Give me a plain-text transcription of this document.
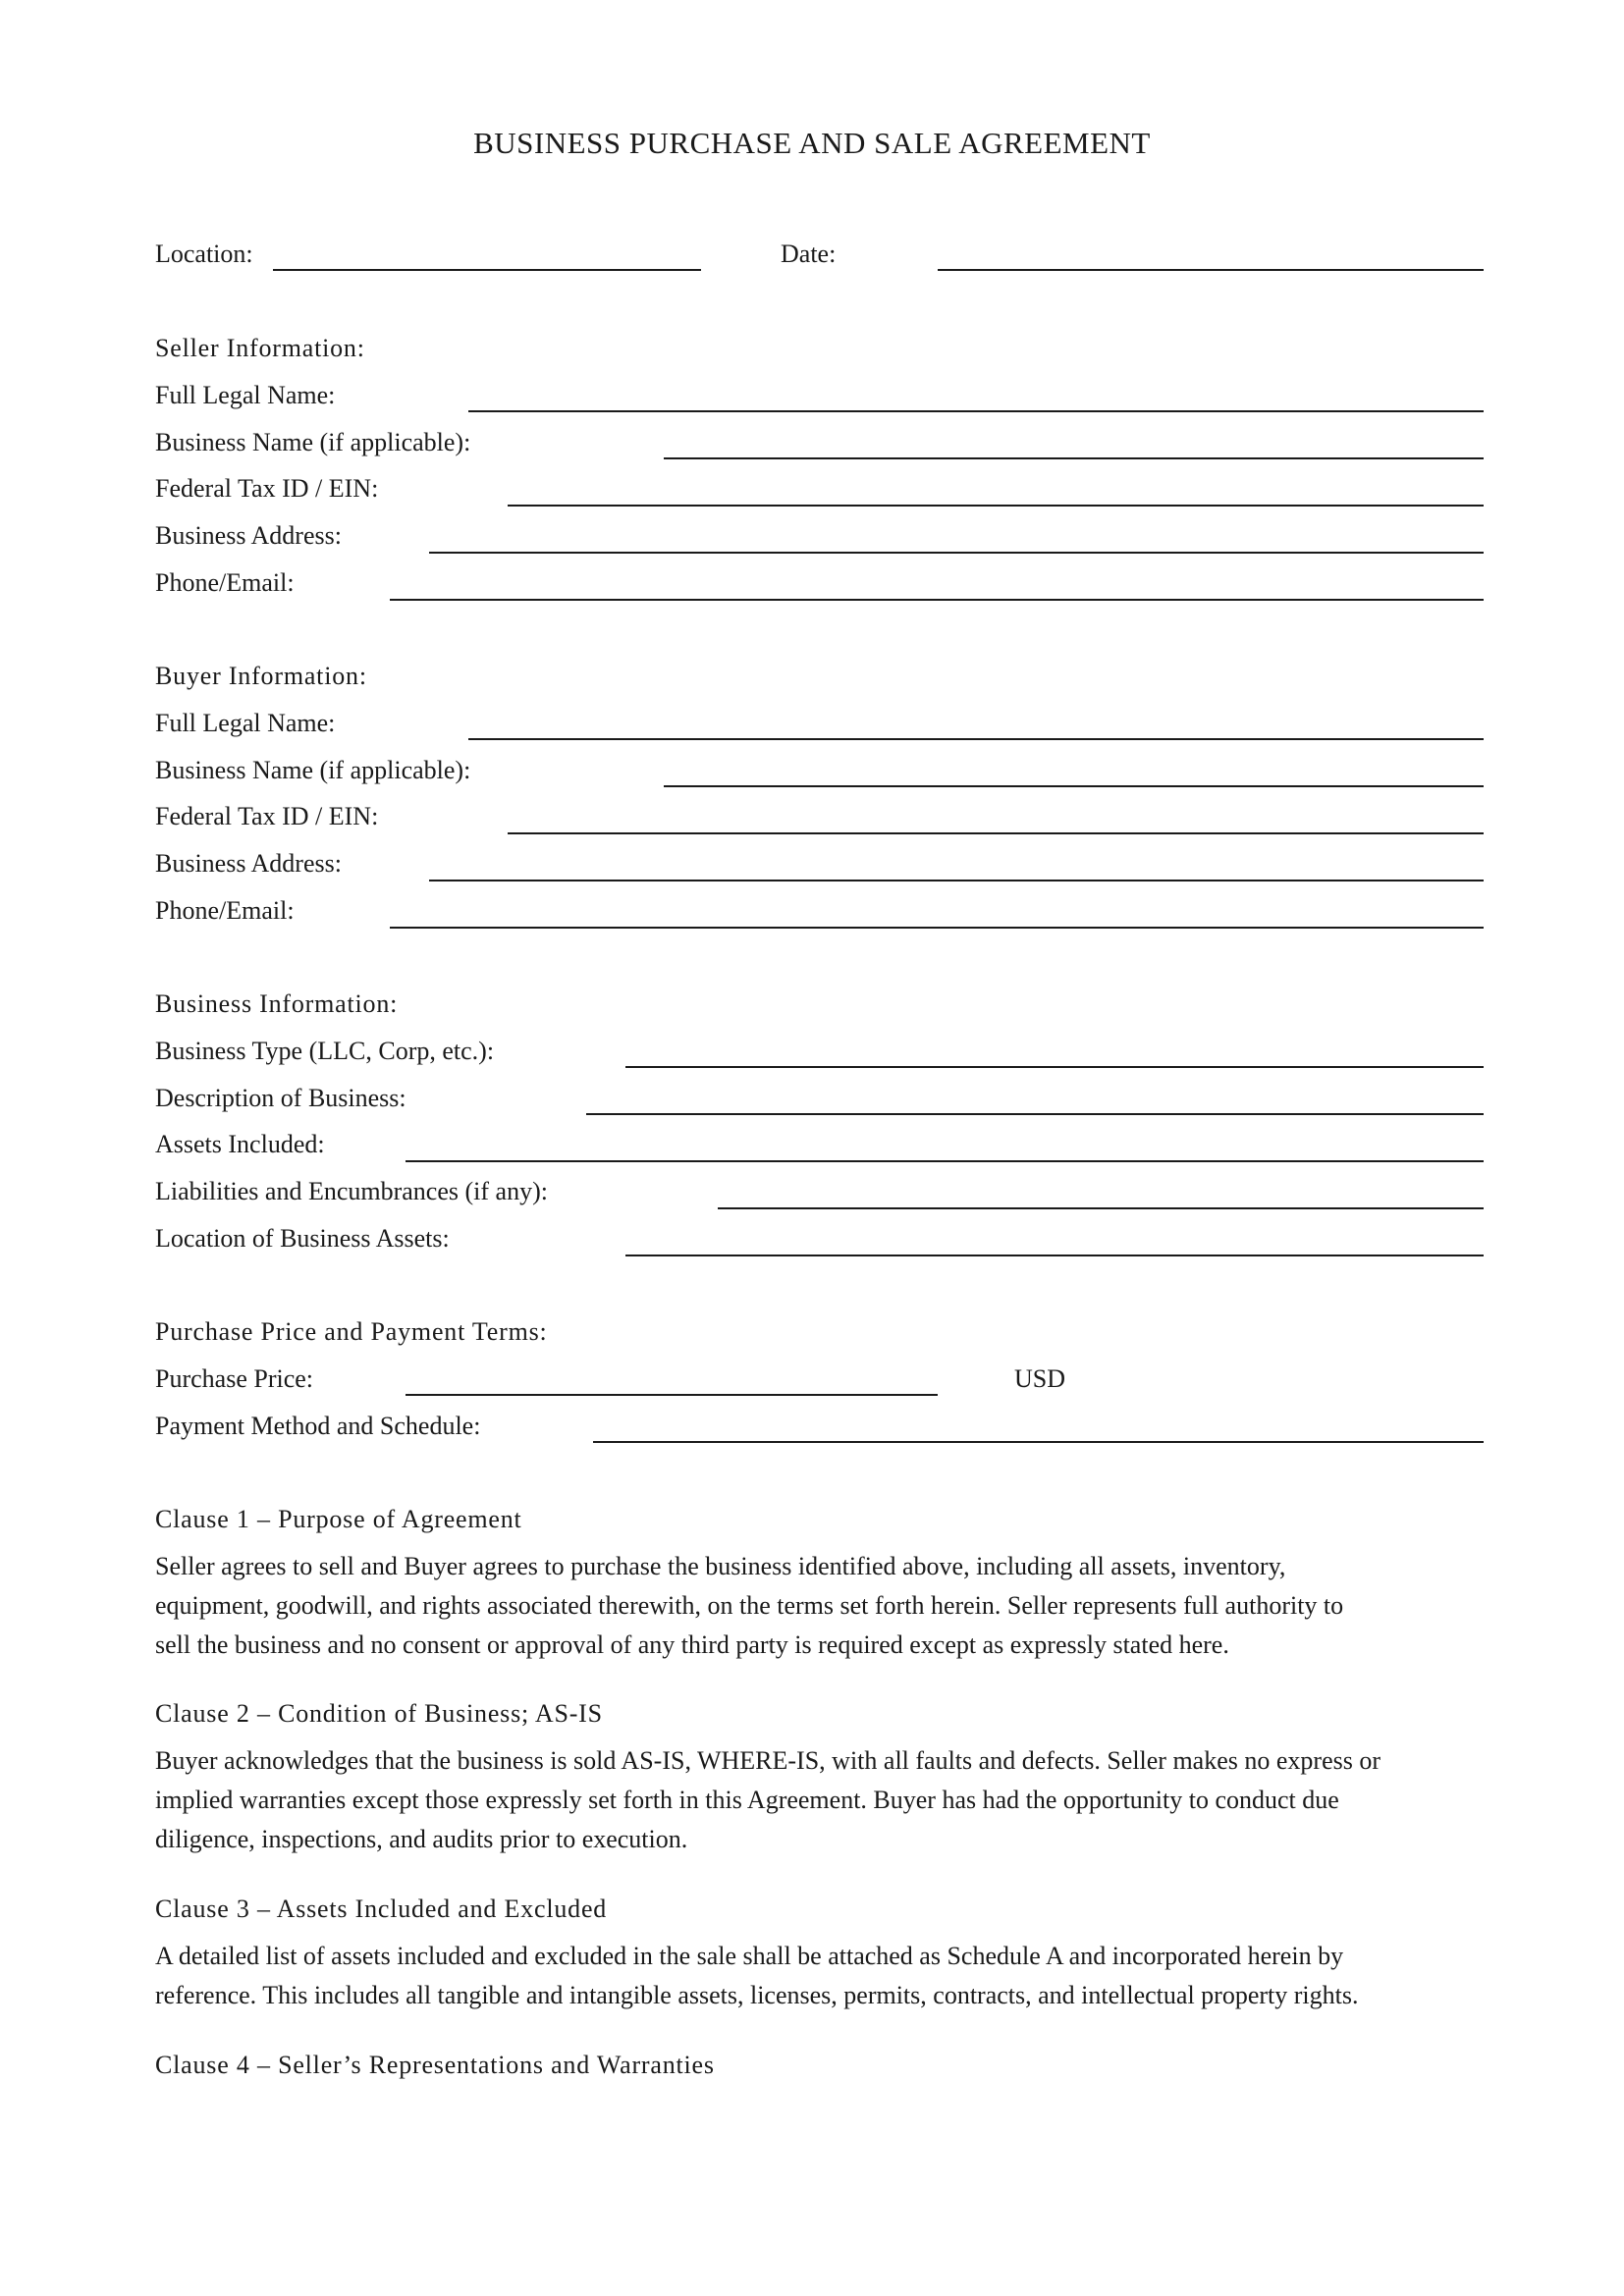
BUSINESS PURCHASE AND SALE AGREEMENT
Location:	Date:
Seller Information:
Full Legal Name:
Business Name (if applicable):
Federal Tax ID / EIN:
Business Address:
Phone/Email:
Buyer Information:
Full Legal Name:
Business Name (if applicable):
Federal Tax ID / EIN:
Business Address:
Phone/Email:
Business Information:
Business Type (LLC, Corp, etc.):
Description of Business:
Assets Included:
Liabilities and Encumbrances (if any):
Location of Business Assets:
Purchase Price and Payment Terms:
Purchase Price:	USD
Payment Method and Schedule:
Clause 1 – Purpose of Agreement
Seller agrees to sell and Buyer agrees to purchase the business identified above, including all assets, inventory,
equipment, goodwill, and rights associated therewith, on the terms set forth herein. Seller represents full authority to
sell the business and no consent or approval of any third party is required except as expressly stated here.
Clause 2 – Condition of Business; AS-IS
Buyer acknowledges that the business is sold AS-IS, WHERE-IS, with all faults and defects. Seller makes no express or
implied warranties except those expressly set forth in this Agreement. Buyer has had the opportunity to conduct due
diligence, inspections, and audits prior to execution.
Clause 3 – Assets Included and Excluded
A detailed list of assets included and excluded in the sale shall be attached as Schedule A and incorporated herein by
reference. This includes all tangible and intangible assets, licenses, permits, contracts, and intellectual property rights.
Clause 4 – Seller’s Representations and Warranties
